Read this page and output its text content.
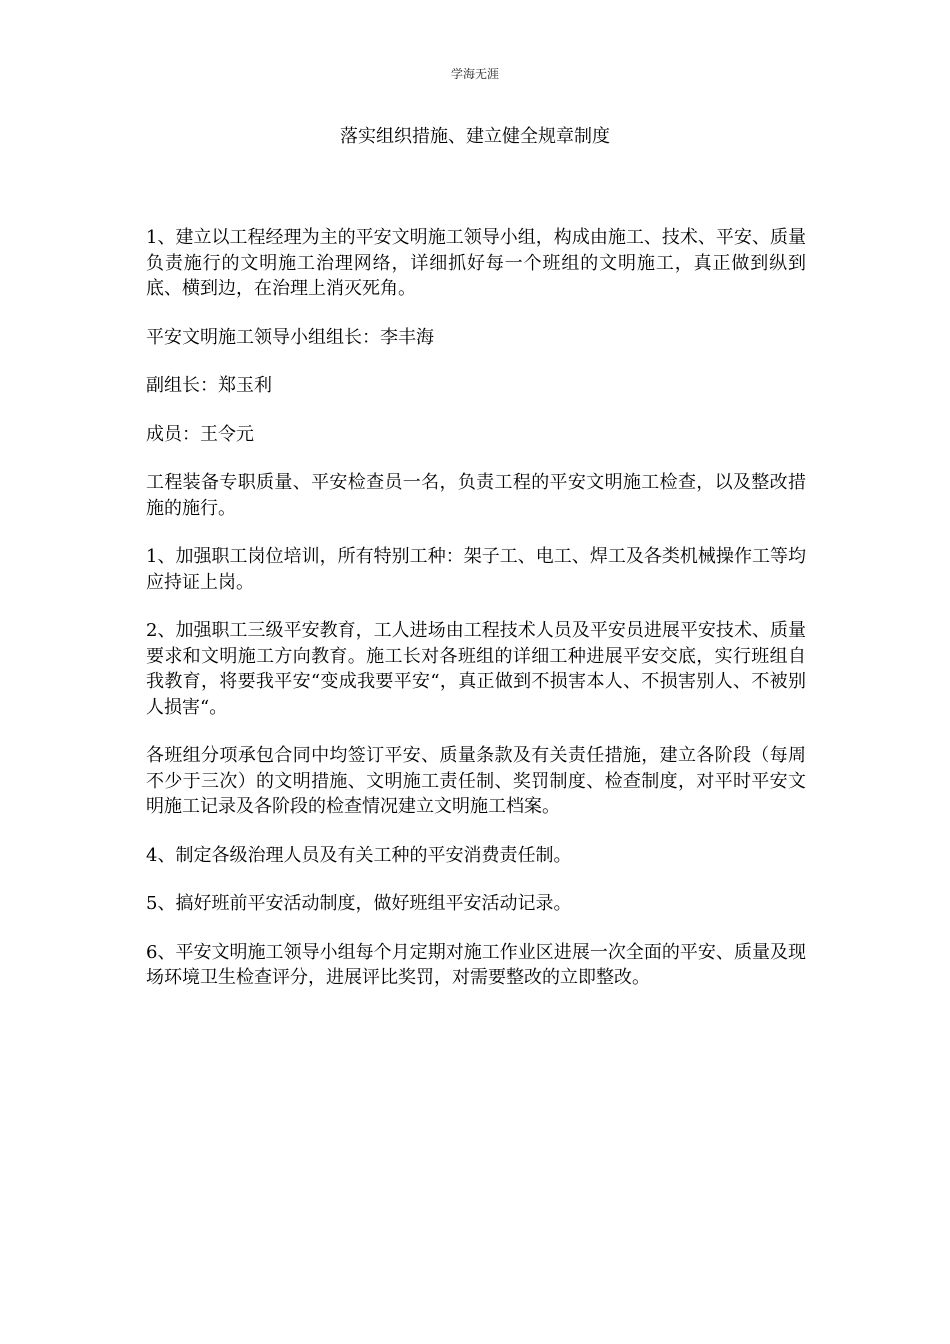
学海无涯
落实组织措施、建立健全规章制度

1、建立以工程经理为主的平安文明施工领导小组，构成由施工、技术、平安、质量负责施行的文明施工治理网络，详细抓好每一个班组的文明施工，真正做到纵到底、横到边，在治理上消灭死角。

平安文明施工领导小组组长：李丰海

副组长：郑玉利

成员：王令元

工程装备专职质量、平安检查员一名，负责工程的平安文明施工检查，以及整改措施的施行。

1、加强职工岗位培训，所有特别工种：架子工、电工、焊工及各类机械操作工等均应持证上岗。

2、加强职工三级平安教育，工人进场由工程技术人员及平安员进展平安技术、质量要求和文明施工方向教育。施工长对各班组的详细工种进展平安交底，实行班组自我教育，将要我平安“变成我要平安“，真正做到不损害本人、不损害别人、不被别人损害“。

各班组分项承包合同中均签订平安、质量条款及有关责任措施，建立各阶段（每周不少于三次）的文明措施、文明施工责任制、奖罚制度、检查制度，对平时平安文明施工记录及各阶段的检查情况建立文明施工档案。

4、制定各级治理人员及有关工种的平安消费责任制。

5、搞好班前平安活动制度，做好班组平安活动记录。

6、平安文明施工领导小组每个月定期对施工作业区进展一次全面的平安、质量及现场环境卫生检查评分，进展评比奖罚，对需要整改的立即整改。
